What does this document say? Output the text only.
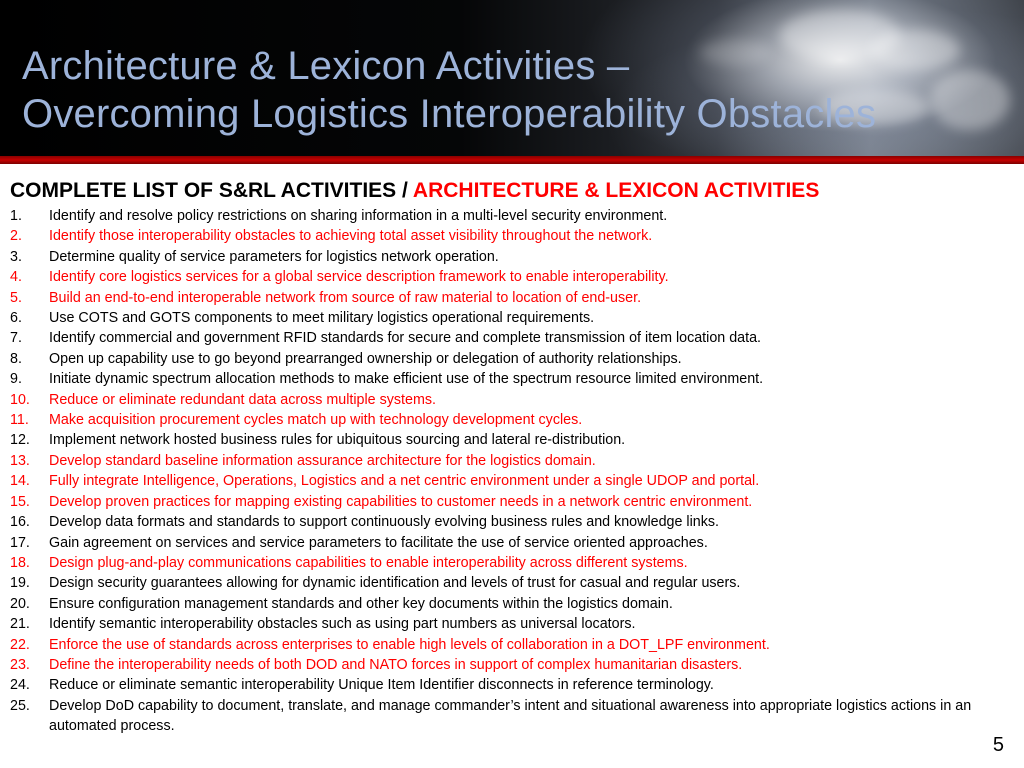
Architecture & Lexicon Activities –
Overcoming Logistics Interoperability Obstacles
COMPLETE LIST OF S&RL ACTIVITIES / ARCHITECTURE & LEXICON ACTIVITIES
1.	Identify and resolve policy restrictions on sharing information in a multi-level security environment.
2.	Identify those interoperability obstacles to achieving total asset visibility throughout the network.
3.	Determine quality of service parameters for logistics network operation.
4.	Identify core logistics services for a global service description framework to enable interoperability.
5.	Build an end-to-end interoperable network from source of raw material to location of end-user.
6.	Use COTS and GOTS components to meet military logistics operational requirements.
7.	Identify commercial and government RFID standards for secure and complete transmission of item location data.
8.	Open up capability use to go beyond prearranged ownership or delegation of authority relationships.
9.	Initiate dynamic spectrum allocation methods to make efficient use of the spectrum resource limited environment.
10.	Reduce or eliminate redundant data across multiple systems.
11.	Make acquisition procurement cycles match up with technology development cycles.
12.	Implement network hosted business rules for ubiquitous sourcing and lateral re-distribution.
13.	Develop standard baseline information assurance architecture for the logistics domain.
14.	Fully integrate Intelligence, Operations, Logistics and a net centric environment under a single UDOP and portal.
15.	Develop proven practices for mapping existing capabilities to customer needs in a network centric environment.
16.	Develop data formats and standards to support continuously evolving business rules and knowledge links.
17.	Gain agreement on services and service parameters to facilitate the use of service oriented approaches.
18.	Design plug-and-play communications capabilities to enable interoperability across different systems.
19.	Design security guarantees allowing for dynamic identification and levels of trust for casual and regular users.
20.	Ensure configuration management standards and other key documents within the logistics domain.
21.	Identify semantic interoperability obstacles such as using part numbers as universal locators.
22.	Enforce the use of standards across enterprises to enable high levels of collaboration in a DOT_LPF environment.
23.	Define the interoperability needs of both DOD and NATO forces in support of complex humanitarian disasters.
24.	Reduce or eliminate semantic interoperability Unique Item Identifier disconnects in reference terminology.
25.	Develop DoD capability to document, translate, and manage commander’s intent and situational awareness into appropriate logistics actions in an automated process.
5
